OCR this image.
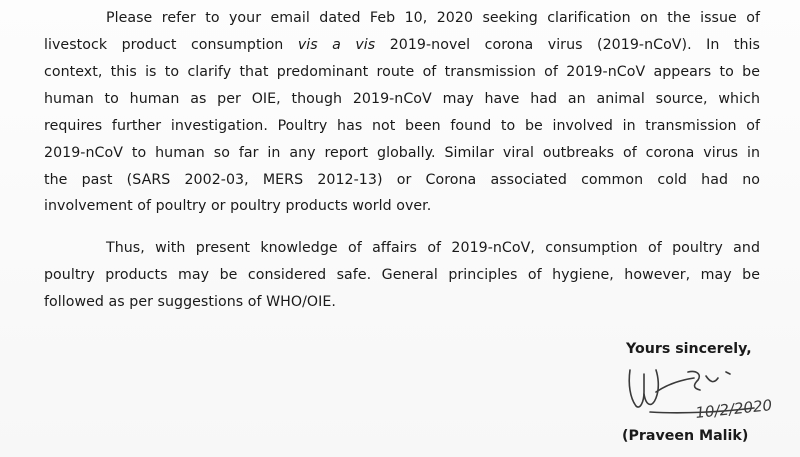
Please refer to your email dated Feb 10, 2020 seeking clarification on the issue of
livestock product consumption vis a vis 2019-novel corona virus (2019-nCoV). In this
context, this is to clarify that predominant route of transmission of 2019-nCoV appears to be
human to human as per OIE, though 2019-nCoV may have had an animal source, which
requires further investigation. Poultry has not been found to be involved in transmission of
2019-nCoV to human so far in any report globally. Similar viral outbreaks of corona virus in
the past (SARS 2002-03, MERS 2012-13) or Corona associated common cold had no
involvement of poultry or poultry products world over.
Thus, with present knowledge of affairs of 2019-nCoV, consumption of poultry and
poultry products may be considered safe. General principles of hygiene, however, may be
followed as per suggestions of WHO/OIE.
Yours sincerely,
10/2/2020
(Praveen Malik)
